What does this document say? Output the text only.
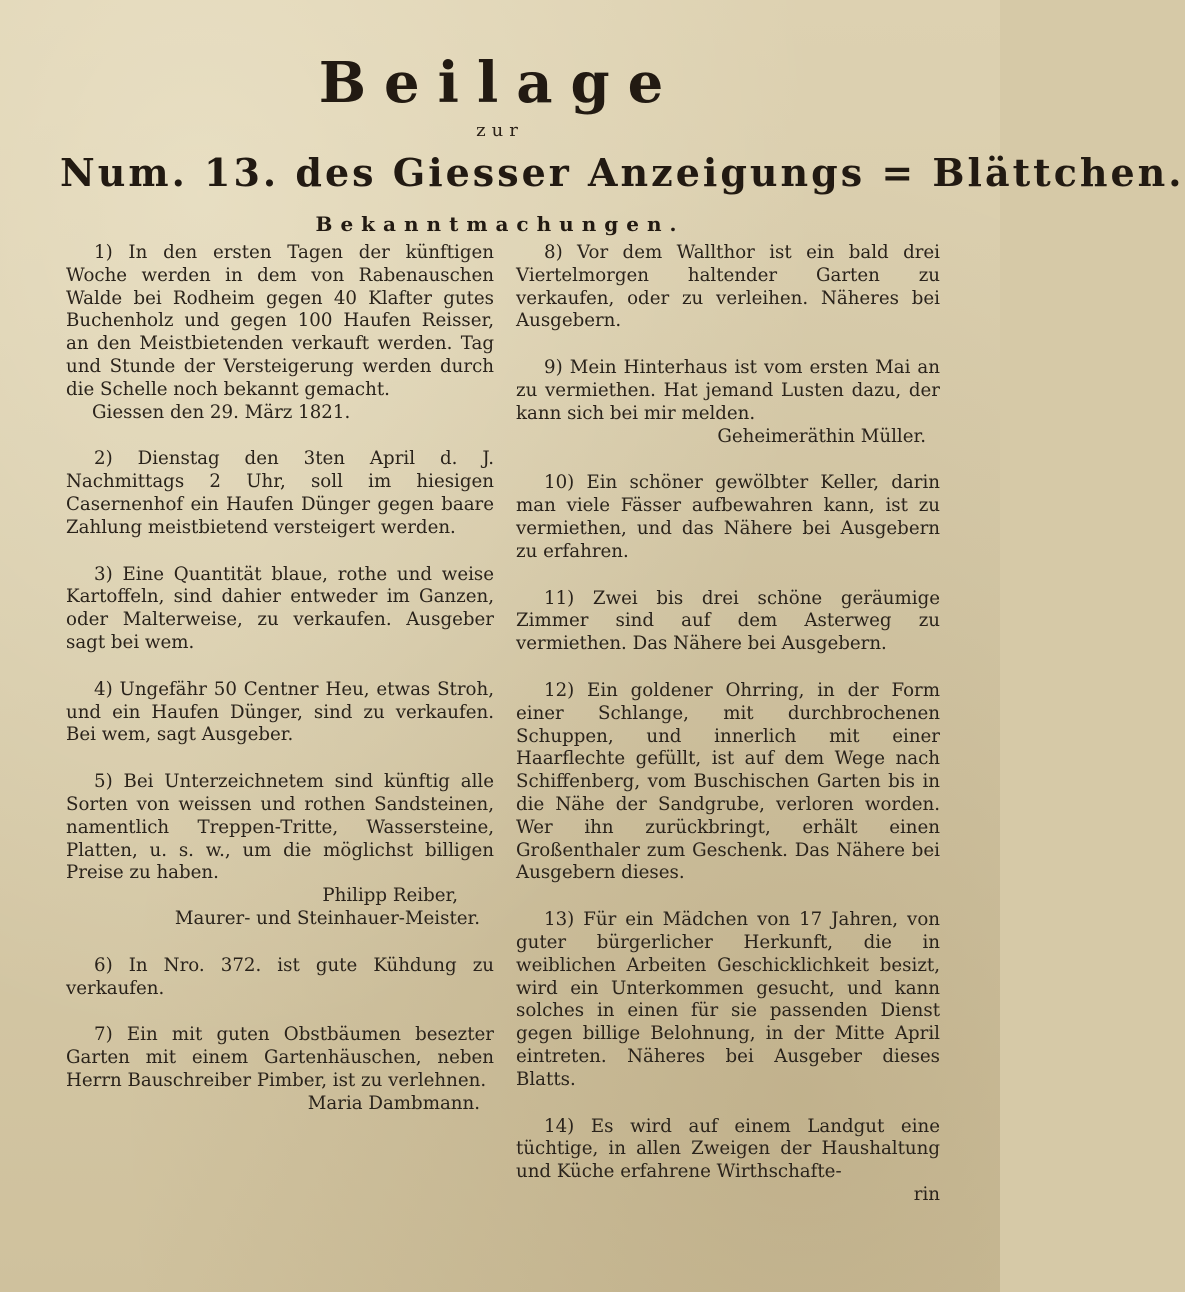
Beilage
zur
Num. 13. des Giesser Anzeigungs = Blättchen.
Bekanntmachungen.

1) In den ersten Tagen der künftigen Woche werden in dem von Rabenauschen Walde bei Rodheim gegen 40 Klafter gutes Buchenholz und gegen 100 Haufen Reisser, an den Meistbietenden verkauft werden. Tag und Stunde der Versteigerung werden durch die Schelle noch bekannt gemacht.

Giessen den 29. März 1821.

2) Dienstag den 3ten April d. J. Nachmittags 2 Uhr, soll im hiesigen Casernenhof ein Haufen Dünger gegen baare Zahlung meistbietend versteigert werden.

3) Eine Quantität blaue, rothe und weise Kartoffeln, sind dahier entweder im Ganzen, oder Malterweise, zu verkaufen. Ausgeber sagt bei wem.

4) Ungefähr 50 Centner Heu, etwas Stroh, und ein Haufen Dünger, sind zu verkaufen. Bei wem, sagt Ausgeber.

5) Bei Unterzeichnetem sind künftig alle Sorten von weissen und rothen Sandsteinen, namentlich Treppen-Tritte, Wassersteine, Platten, u. s. w., um die möglichst billigen Preise zu haben.

Philipp Reiber,

Maurer- und Steinhauer-Meister.

6) In Nro. 372. ist gute Kühdung zu verkaufen.

7) Ein mit guten Obstbäumen besezter Garten mit einem Gartenhäuschen, neben Herrn Bauschreiber Pimber, ist zu verlehnen.

Maria Dambmann.

8) Vor dem Wallthor ist ein bald drei Viertelmorgen haltender Garten zu verkaufen, oder zu verleihen. Näheres bei Ausgebern.

9) Mein Hinterhaus ist vom ersten Mai an zu vermiethen. Hat jemand Lusten dazu, der kann sich bei mir melden.

Geheimeräthin Müller.

10) Ein schöner gewölbter Keller, darin man viele Fässer aufbewahren kann, ist zu vermiethen, und das Nähere bei Ausgebern zu erfahren.

11) Zwei bis drei schöne geräumige Zimmer sind auf dem Asterweg zu vermiethen. Das Nähere bei Ausgebern.

12) Ein goldener Ohrring, in der Form einer Schlange, mit durchbrochenen Schuppen, und innerlich mit einer Haarflechte gefüllt, ist auf dem Wege nach Schiffenberg, vom Buschischen Garten bis in die Nähe der Sandgrube, verloren worden. Wer ihn zurückbringt, erhält einen Großenthaler zum Geschenk. Das Nähere bei Ausgebern dieses.

13) Für ein Mädchen von 17 Jahren, von guter bürgerlicher Herkunft, die in weiblichen Arbeiten Geschicklichkeit besizt, wird ein Unterkommen gesucht, und kann solches in einen für sie passenden Dienst gegen billige Belohnung, in der Mitte April eintreten. Näheres bei Ausgeber dieses Blatts.

14) Es wird auf einem Landgut eine tüchtige, in allen Zweigen der Haushaltung und Küche erfahrene Wirthschafte-

rin
